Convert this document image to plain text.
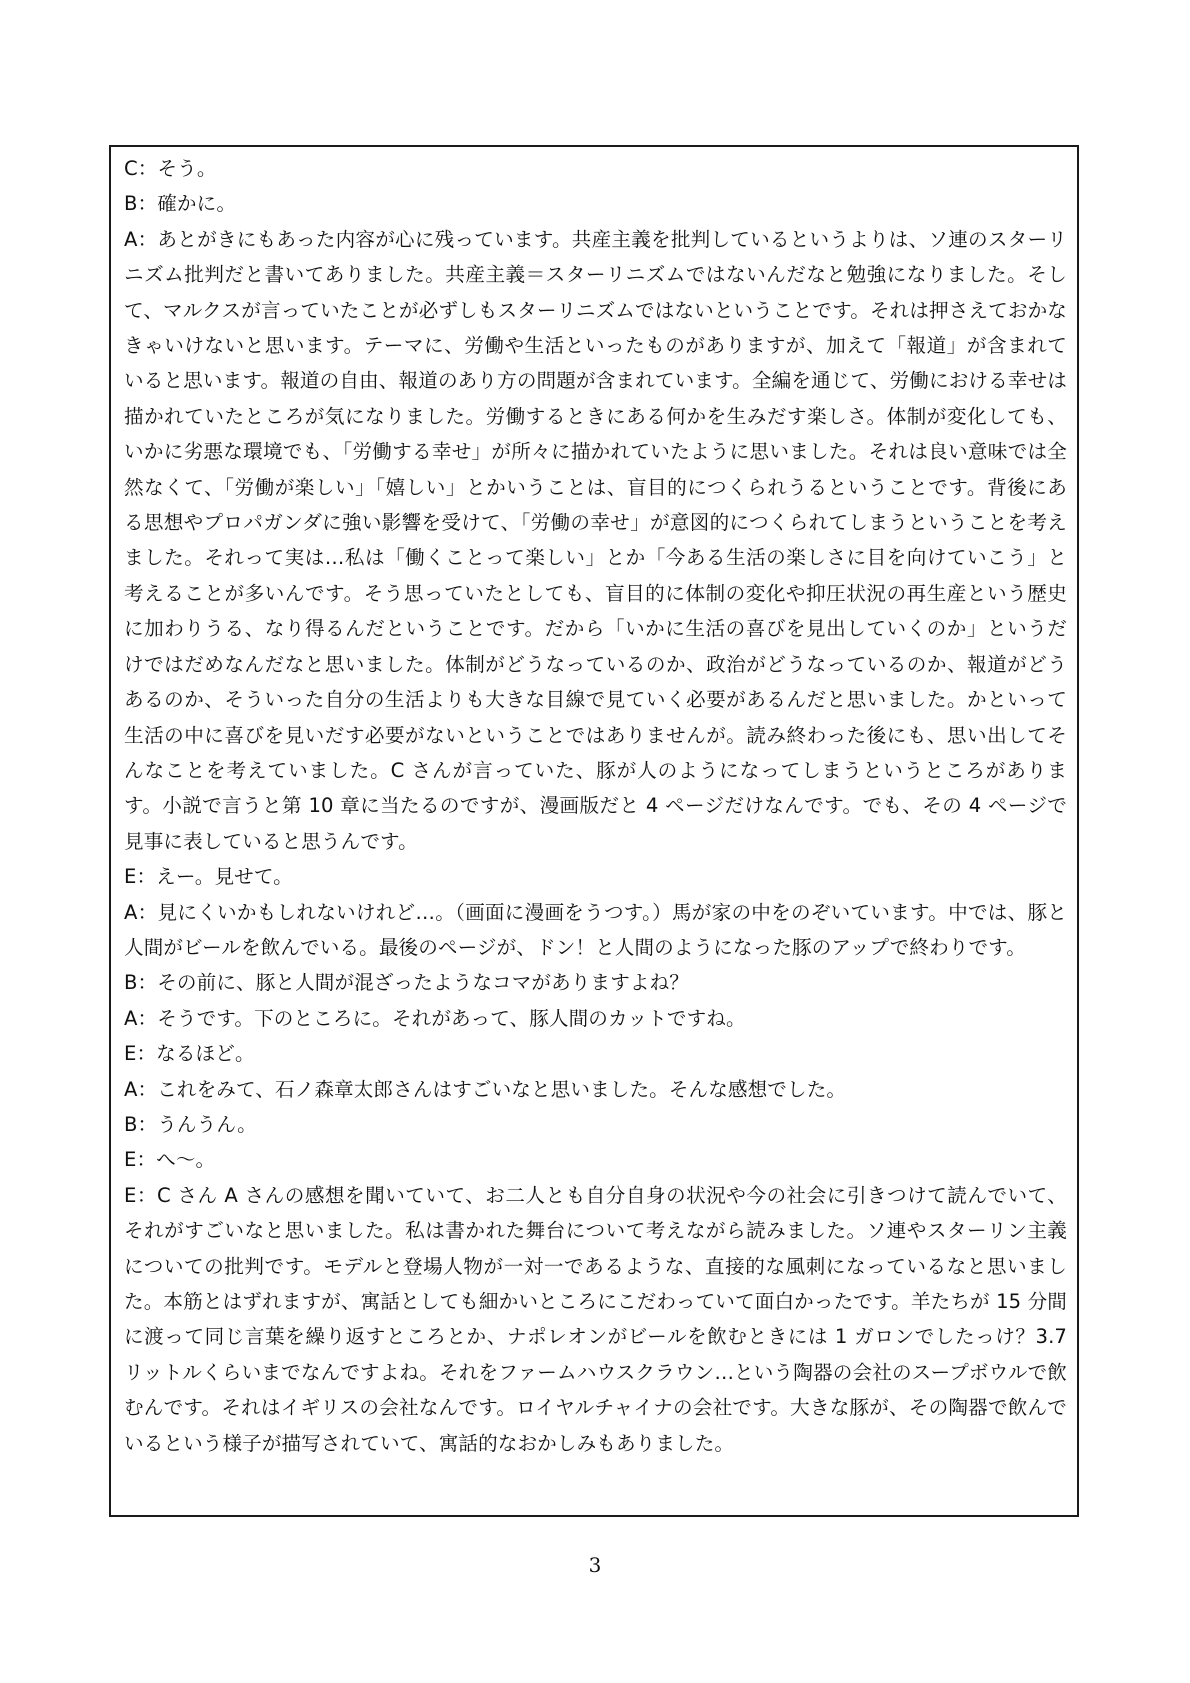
C：そう。

B：確かに。

A：あとがきにもあった内容が心に残っています。共産主義を批判しているというよりは、ソ連のスターリニズム批判だと書いてありました。共産主義＝スターリニズムではないんだなと勉強になりました。そして、マルクスが言っていたことが必ずしもスターリニズムではないということです。それは押さえておかなきゃいけないと思います。テーマに、労働や生活といったものがありますが、加えて「報道」が含まれていると思います。報道の自由、報道のあり方の問題が含まれています。全編を通じて、労働における幸せは描かれていたところが気になりました。労働するときにある何かを生みだす楽しさ。体制が変化しても、いかに劣悪な環境でも、「労働する幸せ」が所々に描かれていたように思いました。それは良い意味では全然なくて、「労働が楽しい」「嬉しい」とかいうことは、盲目的につくられうるということです。背後にある思想やプロパガンダに強い影響を受けて、「労働の幸せ」が意図的につくられてしまうということを考えました。それって実は…私は「働くことって楽しい」とか「今ある生活の楽しさに目を向けていこう」と考えることが多いんです。そう思っていたとしても、盲目的に体制の変化や抑圧状況の再生産という歴史に加わりうる、なり得るんだということです。だから「いかに生活の喜びを見出していくのか」というだけではだめなんだなと思いました。体制がどうなっているのか、政治がどうなっているのか、報道がどうあるのか、そういった自分の生活よりも大きな目線で見ていく必要があるんだと思いました。かといって生活の中に喜びを見いだす必要がないということではありませんが。読み終わった後にも、思い出してそんなことを考えていました。C さんが言っていた、豚が人のようになってしまうというところがあります。小説で言うと第 10 章に当たるのですが、漫画版だと 4 ページだけなんです。でも、その 4 ページで見事に表していると思うんです。

E：えー。見せて。

A：見にくいかもしれないけれど…。（画面に漫画をうつす。）馬が家の中をのぞいています。中では、豚と人間がビールを飲んでいる。最後のページが、ドン！と人間のようになった豚のアップで終わりです。

B：その前に、豚と人間が混ざったようなコマがありますよね？

A：そうです。下のところに。それがあって、豚人間のカットですね。

E：なるほど。

A：これをみて、石ノ森章太郎さんはすごいなと思いました。そんな感想でした。

B：うんうん。

E：へ～。

E：C さん A さんの感想を聞いていて、お二人とも自分自身の状況や今の社会に引きつけて読んでいて、それがすごいなと思いました。私は書かれた舞台について考えながら読みました。ソ連やスターリン主義についての批判です。モデルと登場人物が一対一であるような、直接的な風刺になっているなと思いました。本筋とはずれますが、寓話としても細かいところにこだわっていて面白かったです。羊たちが 15 分間に渡って同じ言葉を繰り返すところとか、ナポレオンがビールを飲むときには 1 ガロンでしたっけ？3.7 リットルくらいまでなんですよね。それをファームハウスクラウン…という陶器の会社のスープボウルで飲むんです。それはイギリスの会社なんです。ロイヤルチャイナの会社です。大きな豚が、その陶器で飲んでいるという様子が描写されていて、寓話的なおかしみもありました。

3
